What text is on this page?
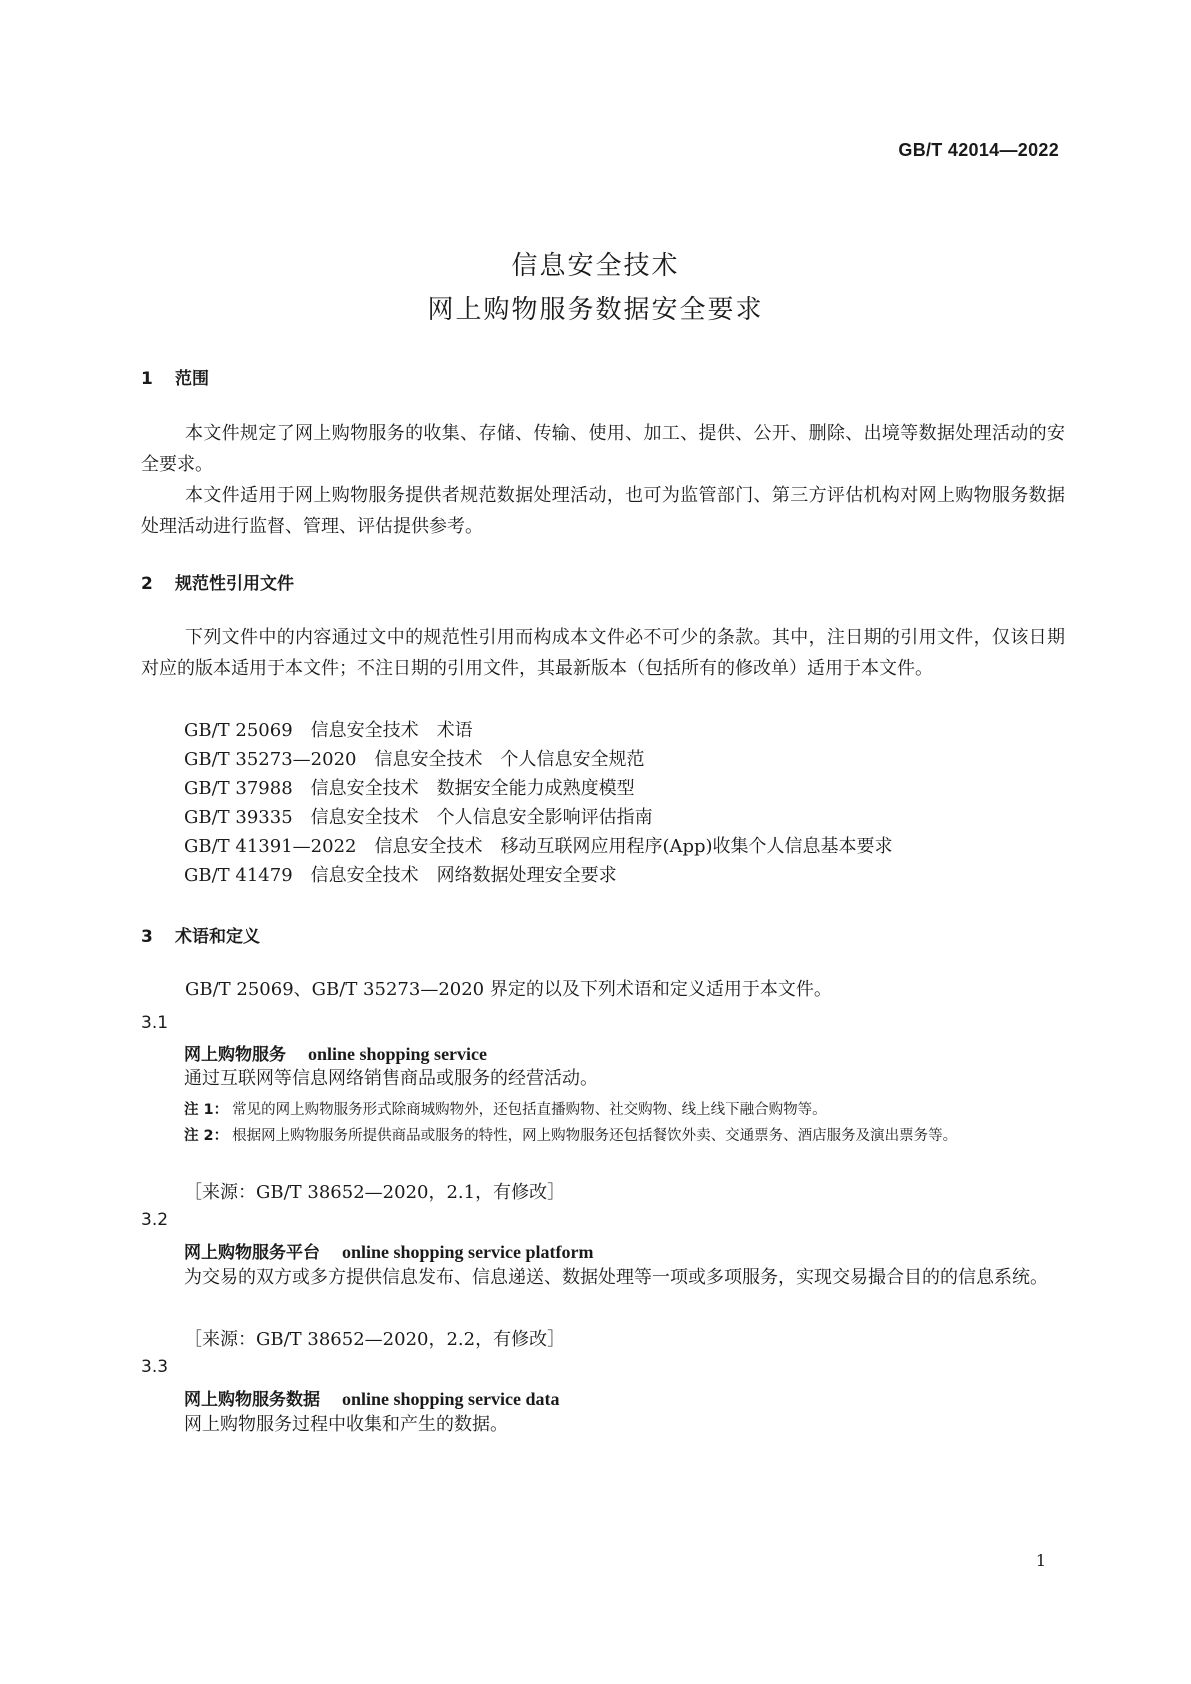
GB/T 42014—2022
信息安全技术
网上购物服务数据安全要求
1 范围
本文件规定了网上购物服务的收集、存储、传输、使用、加工、提供、公开、删除、出境等数据处理活动的安全要求。
本文件适用于网上购物服务提供者规范数据处理活动，也可为监管部门、第三方评估机构对网上购物服务数据处理活动进行监督、管理、评估提供参考。
2 规范性引用文件
下列文件中的内容通过文中的规范性引用而构成本文件必不可少的条款。其中，注日期的引用文件，仅该日期对应的版本适用于本文件；不注日期的引用文件，其最新版本（包括所有的修改单）适用于本文件。
GB/T 25069 信息安全技术　术语
GB/T 35273—2020 信息安全技术　个人信息安全规范
GB/T 37988 信息安全技术　数据安全能力成熟度模型
GB/T 39335 信息安全技术　个人信息安全影响评估指南
GB/T 41391—2022 信息安全技术　移动互联网应用程序(App)收集个人信息基本要求
GB/T 41479 信息安全技术　网络数据处理安全要求
3 术语和定义
GB/T 25069、GB/T 35273—2020 界定的以及下列术语和定义适用于本文件。
3.1
网上购物服务 online shopping service
通过互联网等信息网络销售商品或服务的经营活动。
注 1： 常见的网上购物服务形式除商城购物外，还包括直播购物、社交购物、线上线下融合购物等。
注 2： 根据网上购物服务所提供商品或服务的特性，网上购物服务还包括餐饮外卖、交通票务、酒店服务及演出票务等。
［来源：GB/T 38652—2020，2.1，有修改］
3.2
网上购物服务平台 online shopping service platform
为交易的双方或多方提供信息发布、信息递送、数据处理等一项或多项服务，实现交易撮合目的的信息系统。
［来源：GB/T 38652—2020，2.2，有修改］
3.3
网上购物服务数据 online shopping service data
网上购物服务过程中收集和产生的数据。
1
